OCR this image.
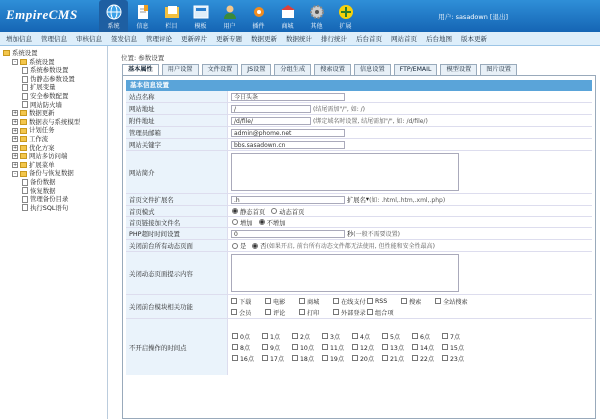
EmpireCMS
系统	信息	栏目	模板	用户	插件	商城	其他	扩展
用户: sasadown [退出]
增加信息 管理信息 审核信息 签发信息 管理评论 更新碎片 更新专题 数据更新 数据统计 排行统计 后台首页 网站首页 后台地图 版本更新
系统设置
-	系统设置
系统参数设置
伪静态参数设置
扩展变量
安全参数配置
网站防火墙
+ 数据更新
+ 数据表与系统模型
+ 计划任务
+ 工作流
+ 优化方案
+ 网站多访问端
+ 扩展菜单
-	备份与恢复数据
备份数据
恢复数据
管理备份目录
执行SQL语句
位置: 参数设置
基本属性	用户设置	文件设置	JS设置	分组生成	搜索设置	信息设置	FTP/EMAIL	模型设置	图片设置
基本信息设置
站点名称	今日头条
网站地址	/	(结尾需加"/", 如: /)
附件地址	/d/file/	(绑定域名时设置, 结尾需加"/", 如: /d/file/)
管理员邮箱	admin@phome.net
网站关键字	bbs.sasadown.cn
网站简介
首页文件扩展名	.h	扩展名 ▾ (如: .html,.htm,.xml,.php)
首页模式	静态首页 动态首页
首页链接加文件名	增加 不增加
PHP超时时间设置	0	秒 (一般不需要设置)
关闭前台所有动态页面	是 否 (如果开启, 前台所有动态文件都无法使用, 但性能和安全性最高)
关闭动态页面提示内容
关闭前台模块相关功能
下载	电影	商城	在线支付 RSS	搜索	全站搜索
会员	评论	打印	外部登录 组合项
不开启操作的时间点
0点	1点	2点	3点	4点	5点	6点	7点
8点	9点	10点	11点	12点	13点	14点	15点
16点	17点	18点	19点	20点	21点	22点	23点
